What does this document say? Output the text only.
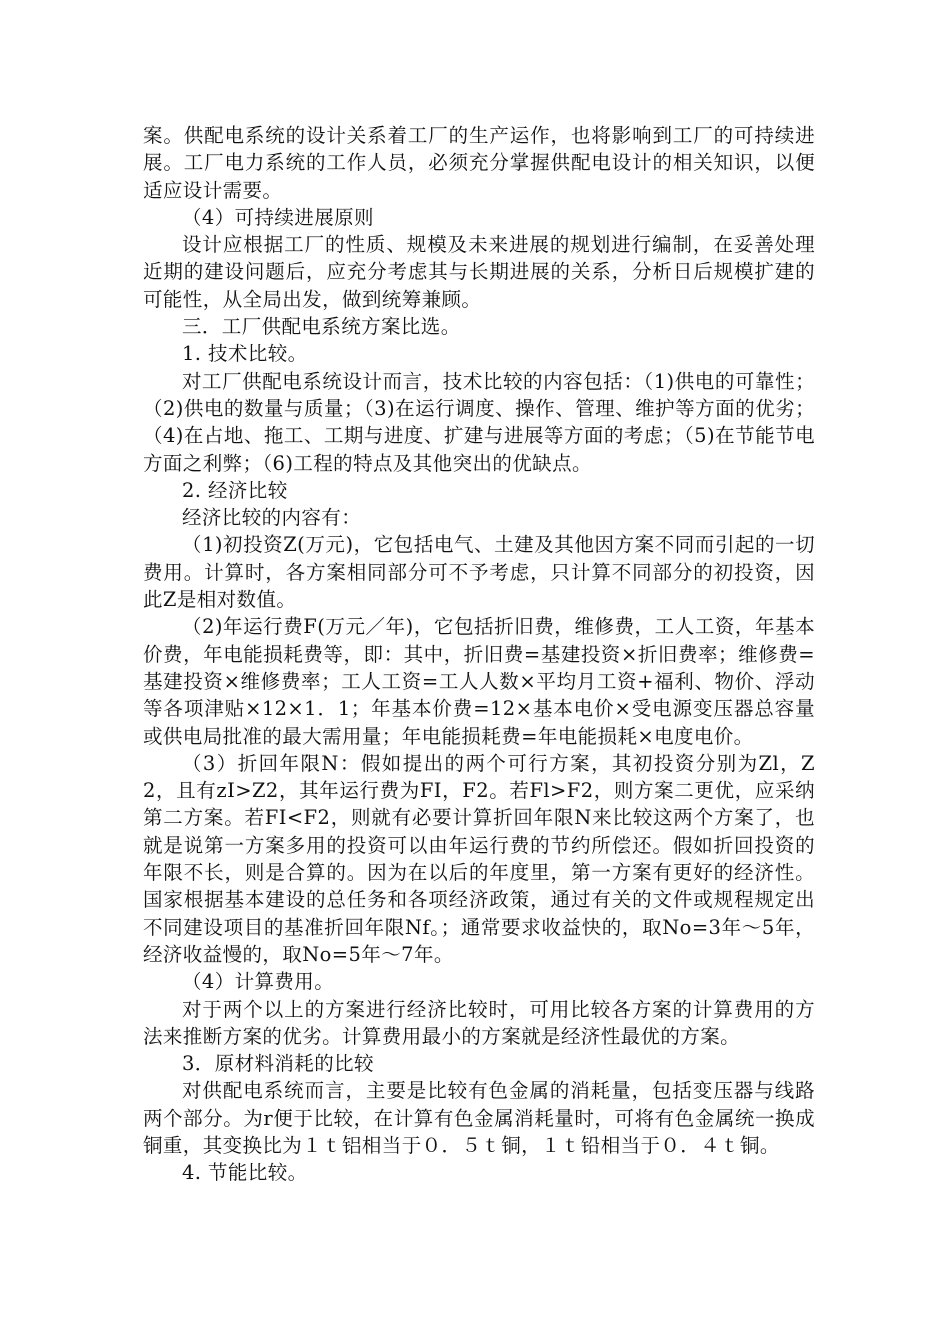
案。供配电系统的设计关系着工厂的生产运作，也将影响到工厂的可持续进展。工厂电力系统的工作人员，必须充分掌握供配电设计的相关知识，以便适应设计需要。

（4）可持续进展原则

设计应根据工厂的性质、规模及未来进展的规划进行编制，在妥善处理近期的建设问题后，应充分考虑其与长期进展的关系，分析日后规模扩建的可能性，从全局出发，做到统筹兼顾。

三．工厂供配电系统方案比选。

1. 技术比较。

对工厂供配电系统设计而言，技术比较的内容包括：（1)供电的可靠性；（2)供电的数量与质量；（3)在运行调度、操作、管理、维护等方面的优劣；（4)在占地、拖工、工期与进度、扩建与进展等方面的考虑；（5)在节能节电方面之利弊；（6)工程的特点及其他突出的优缺点。

2. 经济比较

经济比较的内容有：

（1)初投资Z(万元)，它包括电气、土建及其他因方案不同而引起的一切费用。计算时，各方案相同部分可不予考虑，只计算不同部分的初投资，因此Z是相对数值。

（2)年运行费F(万元／年)，它包括折旧费，维修费，工人工资，年基本价费，年电能损耗费等，即：其中，折旧费=基建投资×折旧费率；维修费=基建投资×维修费率；工人工资=工人人数×平均月工资+福利、物价、浮动等各项津贴×12×1．1；年基本价费=12×基本电价×受电源变压器总容量或供电局批准的最大需用量；年电能损耗费=年电能损耗×电度电价。

（3）折回年限N：假如提出的两个可行方案，其初投资分别为Zl，Z2，且有zI>Z2，其年运行费为FI，F2。若Fl>F2，则方案二更优，应采纳第二方案。若FI<F2，则就有必要计算折回年限N来比较这两个方案了，也就是说第一方案多用的投资可以由年运行费的节约所偿还。假如折回投资的年限不长，则是合算的。因为在以后的年度里，第一方案有更好的经济性。国家根据基本建设的总任务和各项经济政策，通过有关的文件或规程规定出不同建设项目的基准折回年限Nf。；通常要求收益快的，取No=3年～5年，经济收益慢的，取No=5年～7年。

（4）计算费用。

对于两个以上的方案进行经济比较时，可用比较各方案的计算费用的方法来推断方案的优劣。计算费用最小的方案就是经济性最优的方案。

3．原材料消耗的比较

对供配电系统而言，主要是比较有色金属的消耗量，包括变压器与线路两个部分。为r便于比较，在计算有色金属消耗量时，可将有色金属统一换成铜重，其变换比为１ｔ铝相当于０．５ｔ铜，１ｔ铅相当于０．４ｔ铜。

4. 节能比较。
